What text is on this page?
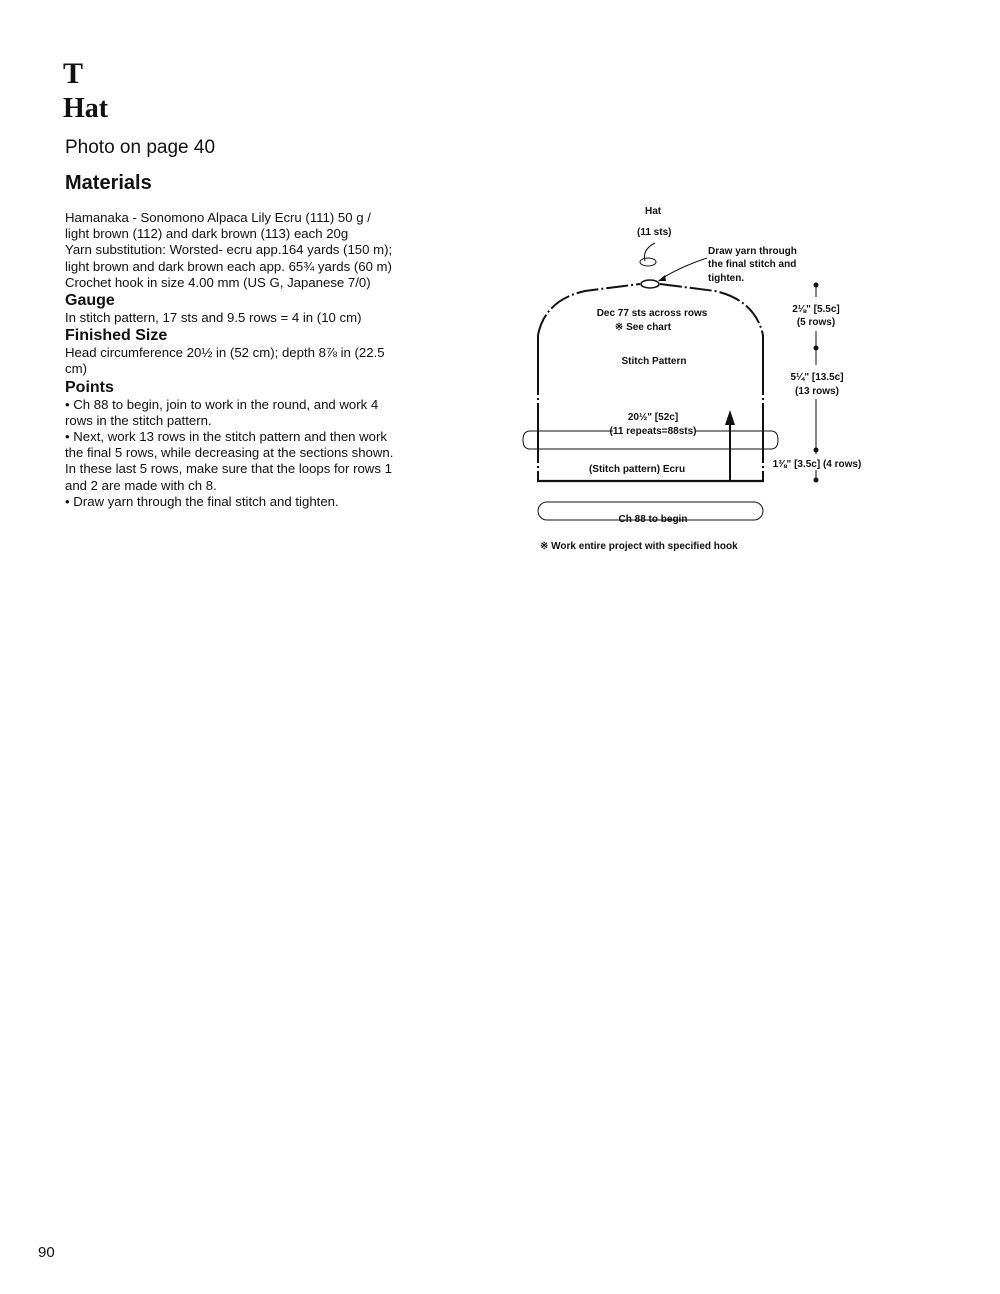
T
Hat

Photo on page 40

Materials

Hamanaka - Sonomono Alpaca Lily Ecru (111) 50 g / light brown (112) and dark brown (113) each 20g

Yarn substitution: Worsted- ecru app.164 yards (150 m); light brown and dark brown each app. 65¾ yards (60 m)

Crochet hook in size 4.00 mm (US G, Japanese 7/0)

Gauge

In stitch pattern, 17 sts and 9.5 rows = 4 in (10 cm)

Finished Size

Head circumference 20½ in (52 cm); depth 8⅞ in (22.5 cm)

Points
• Ch 88 to begin, join to work in the round, and work 4 rows in the stitch pattern.
• Next, work 13 rows in the stitch pattern and then work the final 5 rows, while decreasing at the sections shown. In these last 5 rows, make sure that the loops for rows 1 and 2 are made with ch 8.
• Draw yarn through the final stitch and tighten.
Hat
(11 sts)
Draw yarn through
the final stitch and
tighten.
Dec 77 sts across rows
※ See chart
Stitch Pattern
20½" [52c]
(11 repeats=88sts)
(Stitch pattern) Ecru
Ch 88 to begin
2⅛" [5.5c]
(5 rows)
5¼" [13.5c]
(13 rows)
1⅜" [3.5c] (4 rows)
※ Work entire project with specified hook
90
